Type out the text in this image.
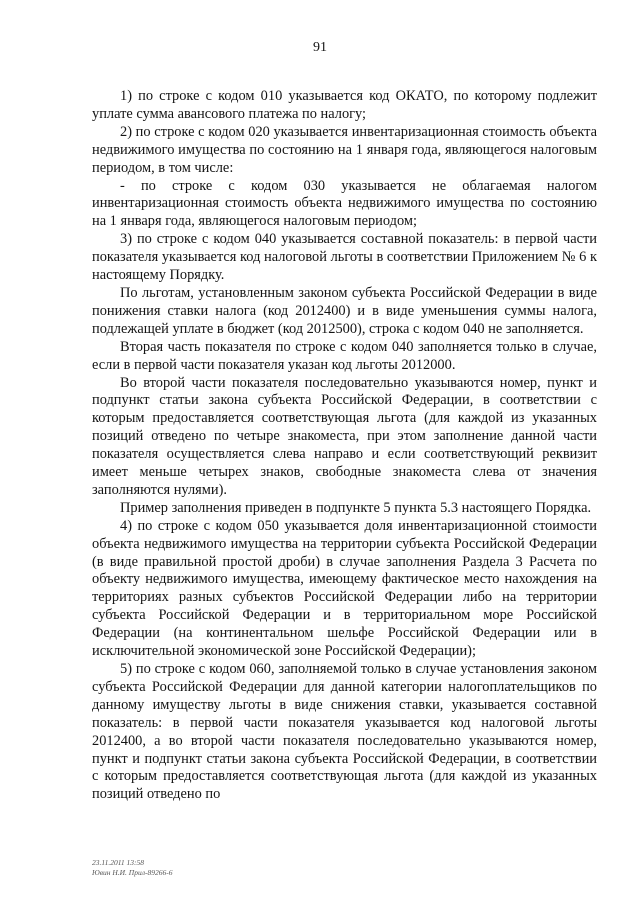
91

1) по строке с кодом 010 указывается код ОКАТО, по которому подлежит уплате сумма авансового платежа по налогу;

2) по строке с кодом 020 указывается инвентаризационная стоимость объекта недвижимого имущества по состоянию на 1 января года, являющегося налоговым периодом, в том числе:

- по строке с кодом 030 указывается не облагаемая налогом инвентаризационная стоимость объекта недвижимого имущества по состоянию на 1 января года, являющегося налоговым периодом;

3) по строке с кодом 040 указывается составной показатель: в первой части показателя указывается код налоговой льготы в соответствии Приложением № 6 к настоящему Порядку.

По льготам, установленным законом субъекта Российской Федерации в виде понижения ставки налога (код 2012400) и в виде уменьшения суммы налога, подлежащей уплате в бюджет (код 2012500), строка с кодом 040 не заполняется.

Вторая часть показателя по строке с кодом 040 заполняется только в случае, если в первой части показателя указан код льготы 2012000.

Во второй части показателя последовательно указываются номер, пункт и подпункт статьи закона субъекта Российской Федерации, в соответствии с которым предоставляется соответствующая льгота (для каждой из указанных позиций отведено по четыре знакоместа, при этом заполнение данной части показателя осуществляется слева направо и если соответствующий реквизит имеет меньше четырех знаков, свободные знакоместа слева от значения заполняются нулями).

Пример заполнения приведен в подпункте 5 пункта 5.3 настоящего Порядка.

4) по строке с кодом 050 указывается доля инвентаризационной стоимости объекта недвижимого имущества на территории субъекта Российской Федерации (в виде правильной простой дроби) в случае заполнения Раздела 3 Расчета по объекту недвижимого имущества, имеющему фактическое место нахождения на территориях разных субъектов Российской Федерации либо на территории субъекта Российской Федерации и в территориальном море Российской Федерации (на континентальном шельфе Российской Федерации или в исключительной экономической зоне Российской Федерации);

5) по строке с кодом 060, заполняемой только в случае установления законом субъекта Российской Федерации для данной категории налогоплательщиков по данному имуществу льготы в виде снижения ставки, указывается составной показатель: в первой части показателя указывается код налоговой льготы 2012400, а во второй части показателя последовательно указываются номер, пункт и подпункт статьи закона субъекта Российской Федерации, в соответствии с которым предоставляется соответствующая льгота (для каждой из указанных позиций отведено по

23.11.2011 13:58
Ювин Н.И. Прил-89266-6
